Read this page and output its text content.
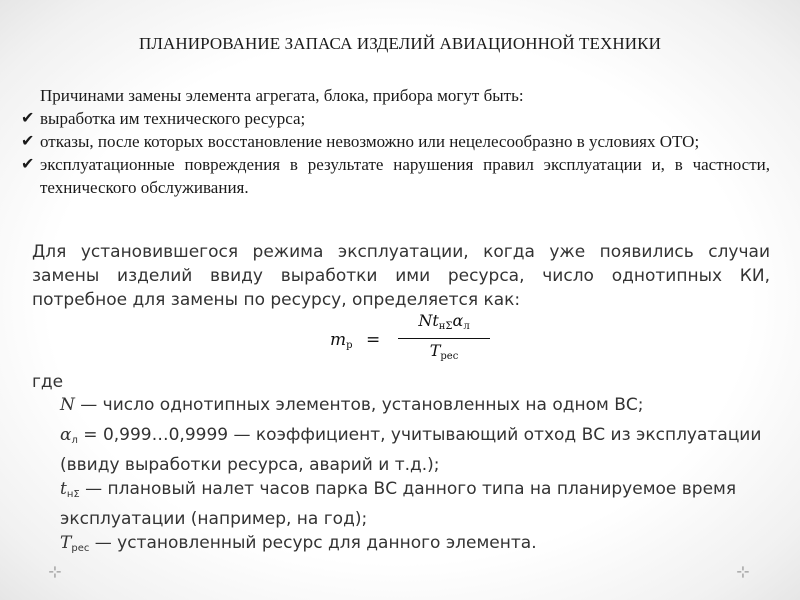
ПЛАНИРОВАНИЕ ЗАПАСА ИЗДЕЛИЙ АВИАЦИОННОЙ ТЕХНИКИ
Причинами замены элемента агрегата, блока, прибора могут быть:
✔ выработка им технического ресурса;
✔ отказы, после которых восстановление невозможно или нецелесообразно в условиях ОТО;
✔ эксплуатационные повреждения в результате нарушения правил эксплуатации и, в частности, технического обслуживания.
Для установившегося режима эксплуатации, когда уже появились случаи замены изделий ввиду выработки ими ресурса, число однотипных КИ, потребное для замены по ресурсу, определяется как:
$m_p$ =
$Nt_{н\Sigma}\alpha_л$
$T_{рес}$
где

N — число однотипных элементов, установленных на одном ВС;

$\alpha_л$ = 0,999…0,9999 — коэффициент, учитывающий отход ВС из эксплуатации (ввиду выработки ресурса, аварий и т.д.);

$t_{н\Sigma}$ — плановый налет часов парка ВС данного типа на планируемое время эксплуатации (например, на год);

$T_{рес}$ — установленный ресурс для данного элемента.

⊹	⊹
